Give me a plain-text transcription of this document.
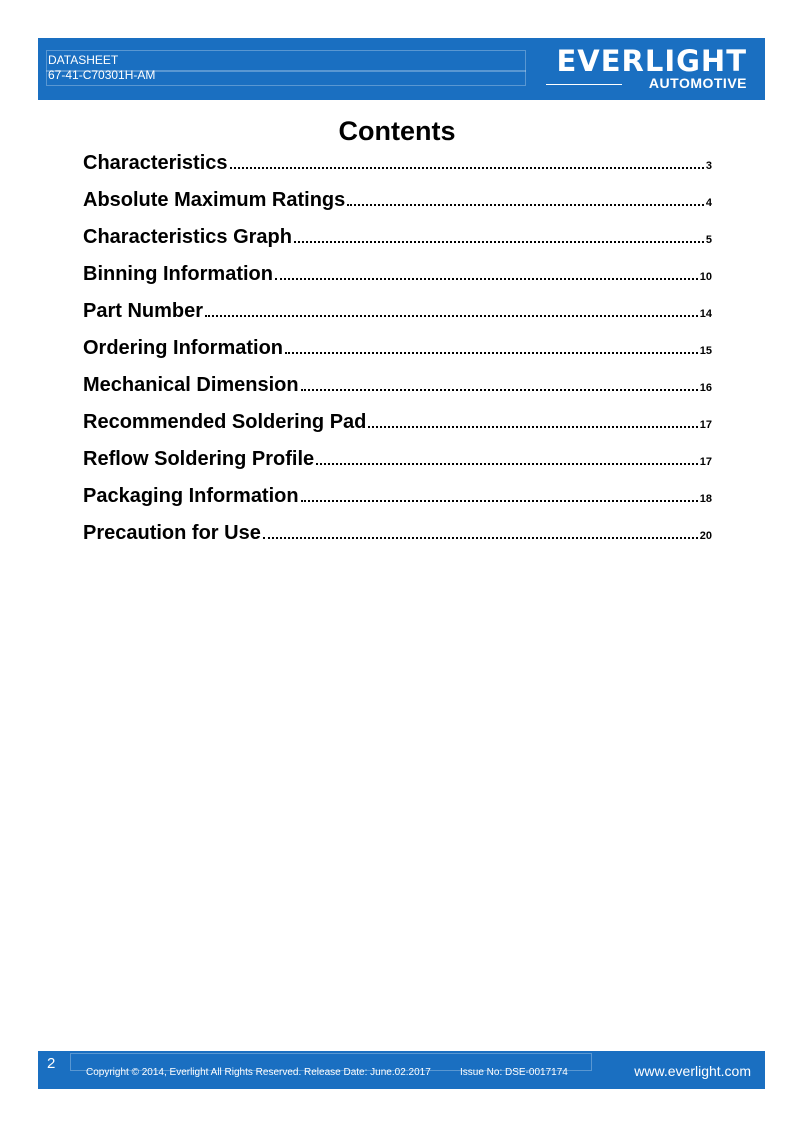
DATASHEET
67-41-C70301H-AM	EVERLIGHT
AUTOMOTIVE
Contents
Characteristics	3
Absolute Maximum Ratings	4
Characteristics Graph	5
Binning Information	10
Part Number	14
Ordering Information	15
Mechanical Dimension	16
Recommended Soldering Pad	17
Reflow Soldering Profile	17
Packaging Information	18
Precaution for Use	20
2
Copyright © 2014, Everlight All Rights Reserved. Release Date: June.02.2017	Issue No: DSE-0017174	www.everlight.com
